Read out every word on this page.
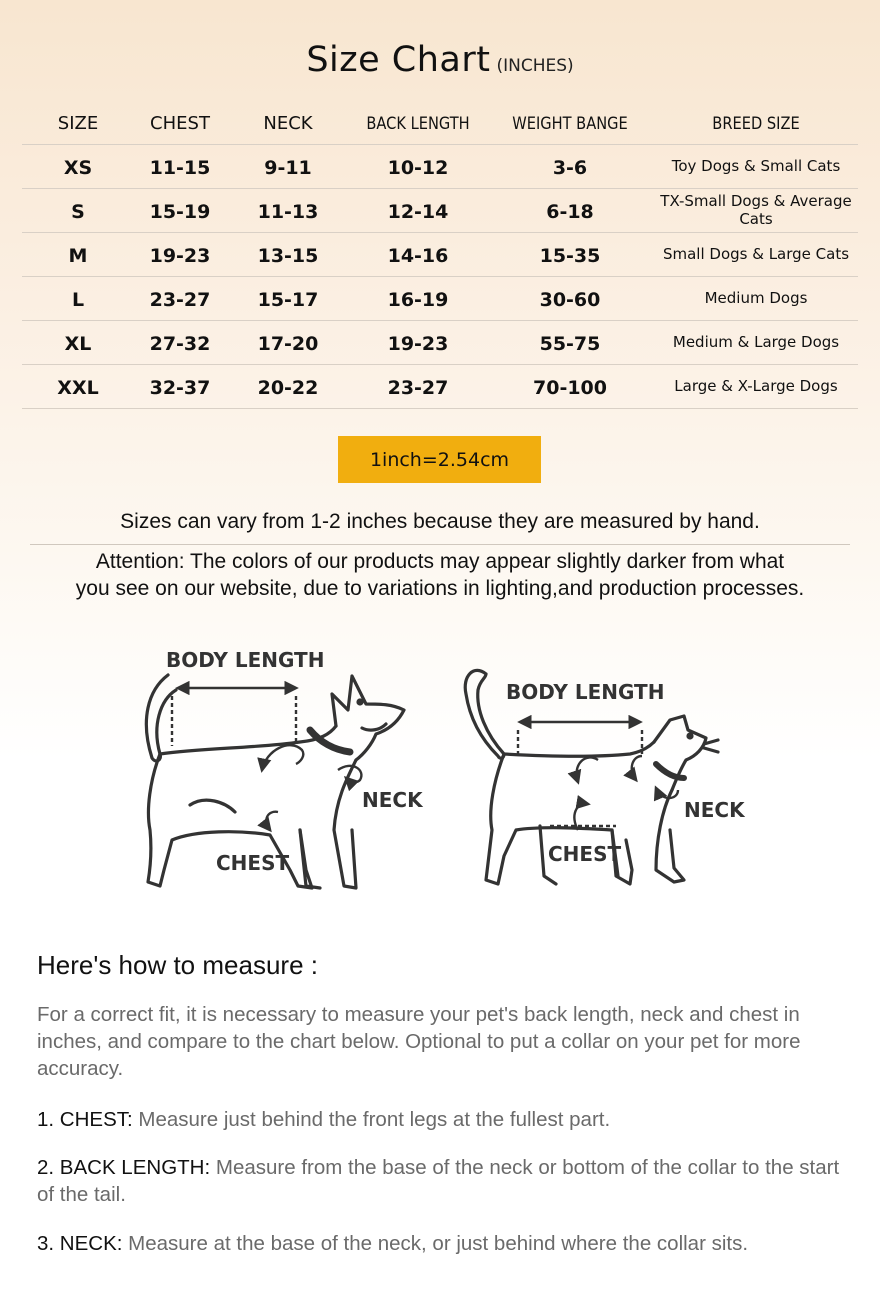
Size Chart (INCHES)
SIZE	CHEST	NECK	BACK LENGTH	WEIGHT BANGE	BREED SIZE
XS	11-15	9-11	10-12	3-6	Toy Dogs & Small Cats
S	15-19	11-13	12-14	6-18	TX-Small Dogs & Average Cats
M	19-23	13-15	14-16	15-35	Small Dogs & Large Cats
L	23-27	15-17	16-19	30-60	Medium Dogs
XL	27-32	17-20	19-23	55-75	Medium & Large Dogs
XXL	32-37	20-22	23-27	70-100	Large & X-Large Dogs
1inch=2.54cm
Sizes can vary from 1-2 inches because they are measured by hand.
Attention: The colors of our products may appear slightly darker from what
you see on our website, due to variations in lighting,and production processes.
BODY LENGTH
NECK
CHEST
BODY LENGTH
NECK
CHEST
Here's how to measure :
For a correct fit, it is necessary to measure your pet's back length, neck and chest in inches, and compare to the chart below. Optional to put a collar on your pet for more accuracy.
1. CHEST: Measure just behind the front legs at the fullest part.
2. BACK LENGTH: Measure from the base of the neck or bottom of the collar to the start of the tail.
3. NECK: Measure at the base of the neck, or just behind where the collar sits.
